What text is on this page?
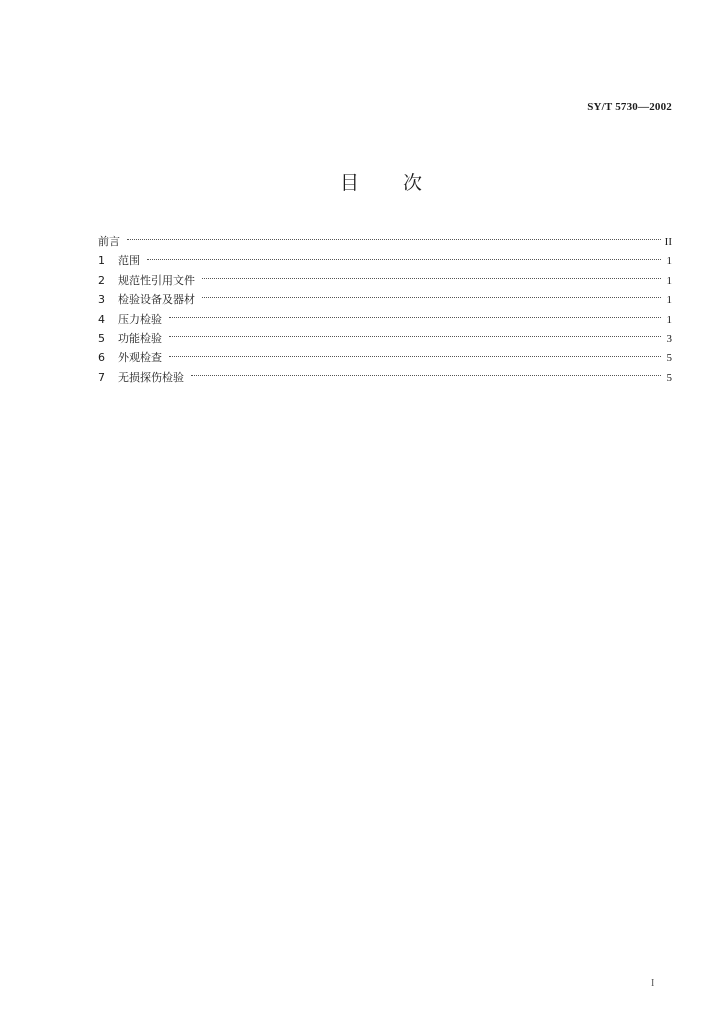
SY/T 5730—2002
目次
前言	II
1	范围	1
2	规范性引用文件	1
3	检验设备及器材	1
4	压力检验	1
5	功能检验	3
6	外观检查	5
7	无损探伤检验	5
I
